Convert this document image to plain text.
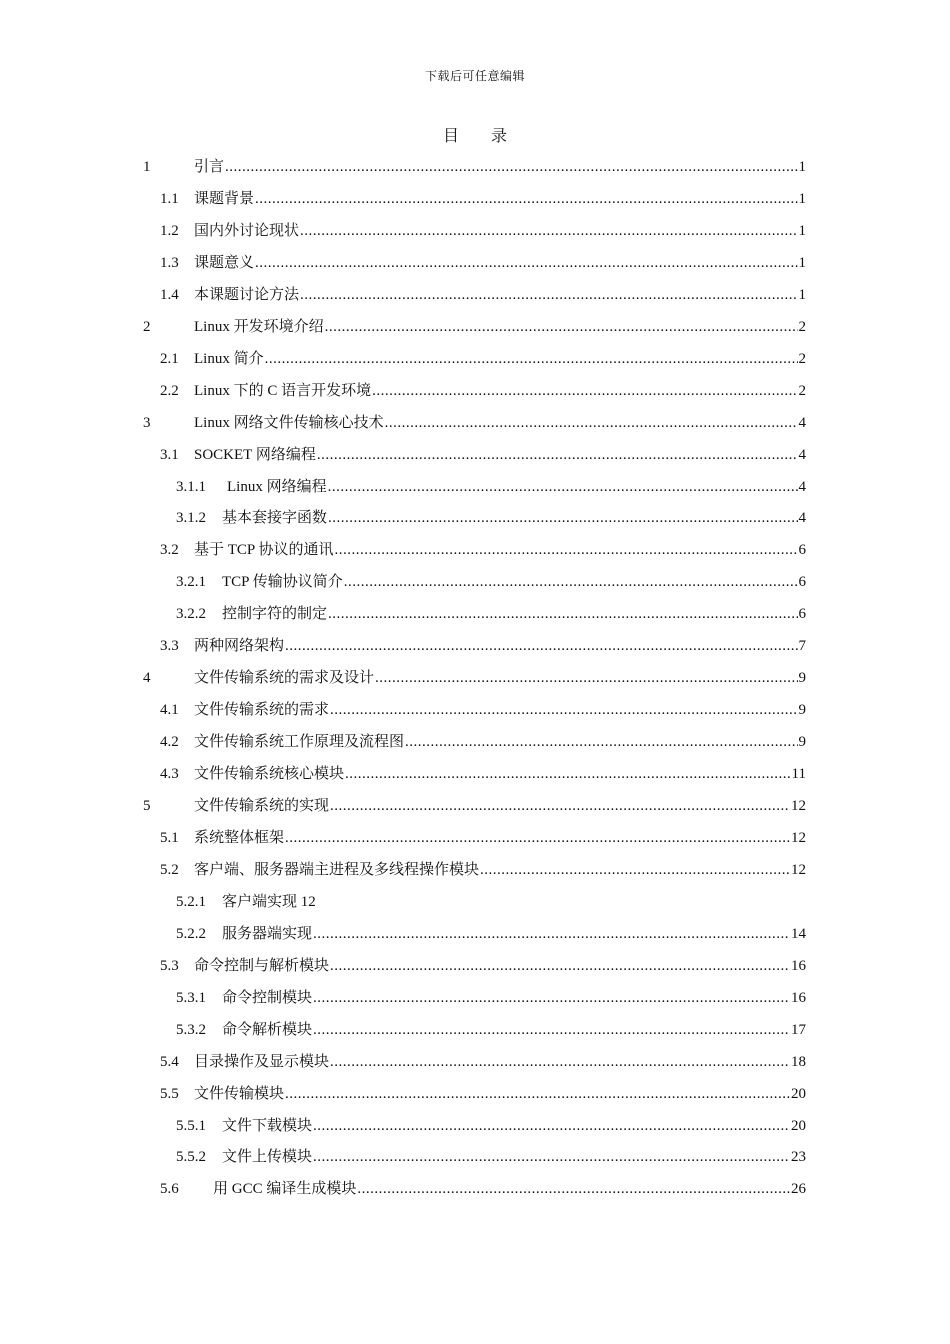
下载后可任意编辑
目 录
1	引言 .....	1
1.1 课题背景 .....	1
1.2 国内外讨论现状 .....	1
1.3 课题意义 .....	1
1.4 本课题讨论方法 .....	1
2	Linux 开发环境介绍 .....	2
2.1 Linux 简介 .....	2
2.2 Linux 下的 C 语言开发环境 .....	2
3	Linux 网络文件传输核心技术 .....	4
3.1 SOCKET 网络编程 .....	4
3.1.1 Linux 网络编程 .....	4
3.1.2 基本套接字函数 .....	4
3.2 基于 TCP 协议的通讯 .....	6
3.2.1 TCP 传输协议简介 .....	6
3.2.2 控制字符的制定 .....	6
3.3 两种网络架构 .....	7
4	文件传输系统的需求及设计 .....	9
4.1 文件传输系统的需求 .....	9
4.2 文件传输系统工作原理及流程图 .....	9
4.3 文件传输系统核心模块 .....	11
5	文件传输系统的实现 .....	12
5.1 系统整体框架 .....	12
5.2 客户端、服务器端主进程及多线程操作模块 .....	12
5.2.1 客户端实现 12
5.2.2 服务器端实现 .....	14
5.3 命令控制与解析模块 .....	16
5.3.1 命令控制模块 .....	16
5.3.2 命令解析模块 .....	17
5.4 目录操作及显示模块 .....	18
5.5 文件传输模块 .....	20
5.5.1 文件下载模块 .....	20
5.5.2 文件上传模块 .....	23
5.6 用 GCC 编译生成模块 .....	26
